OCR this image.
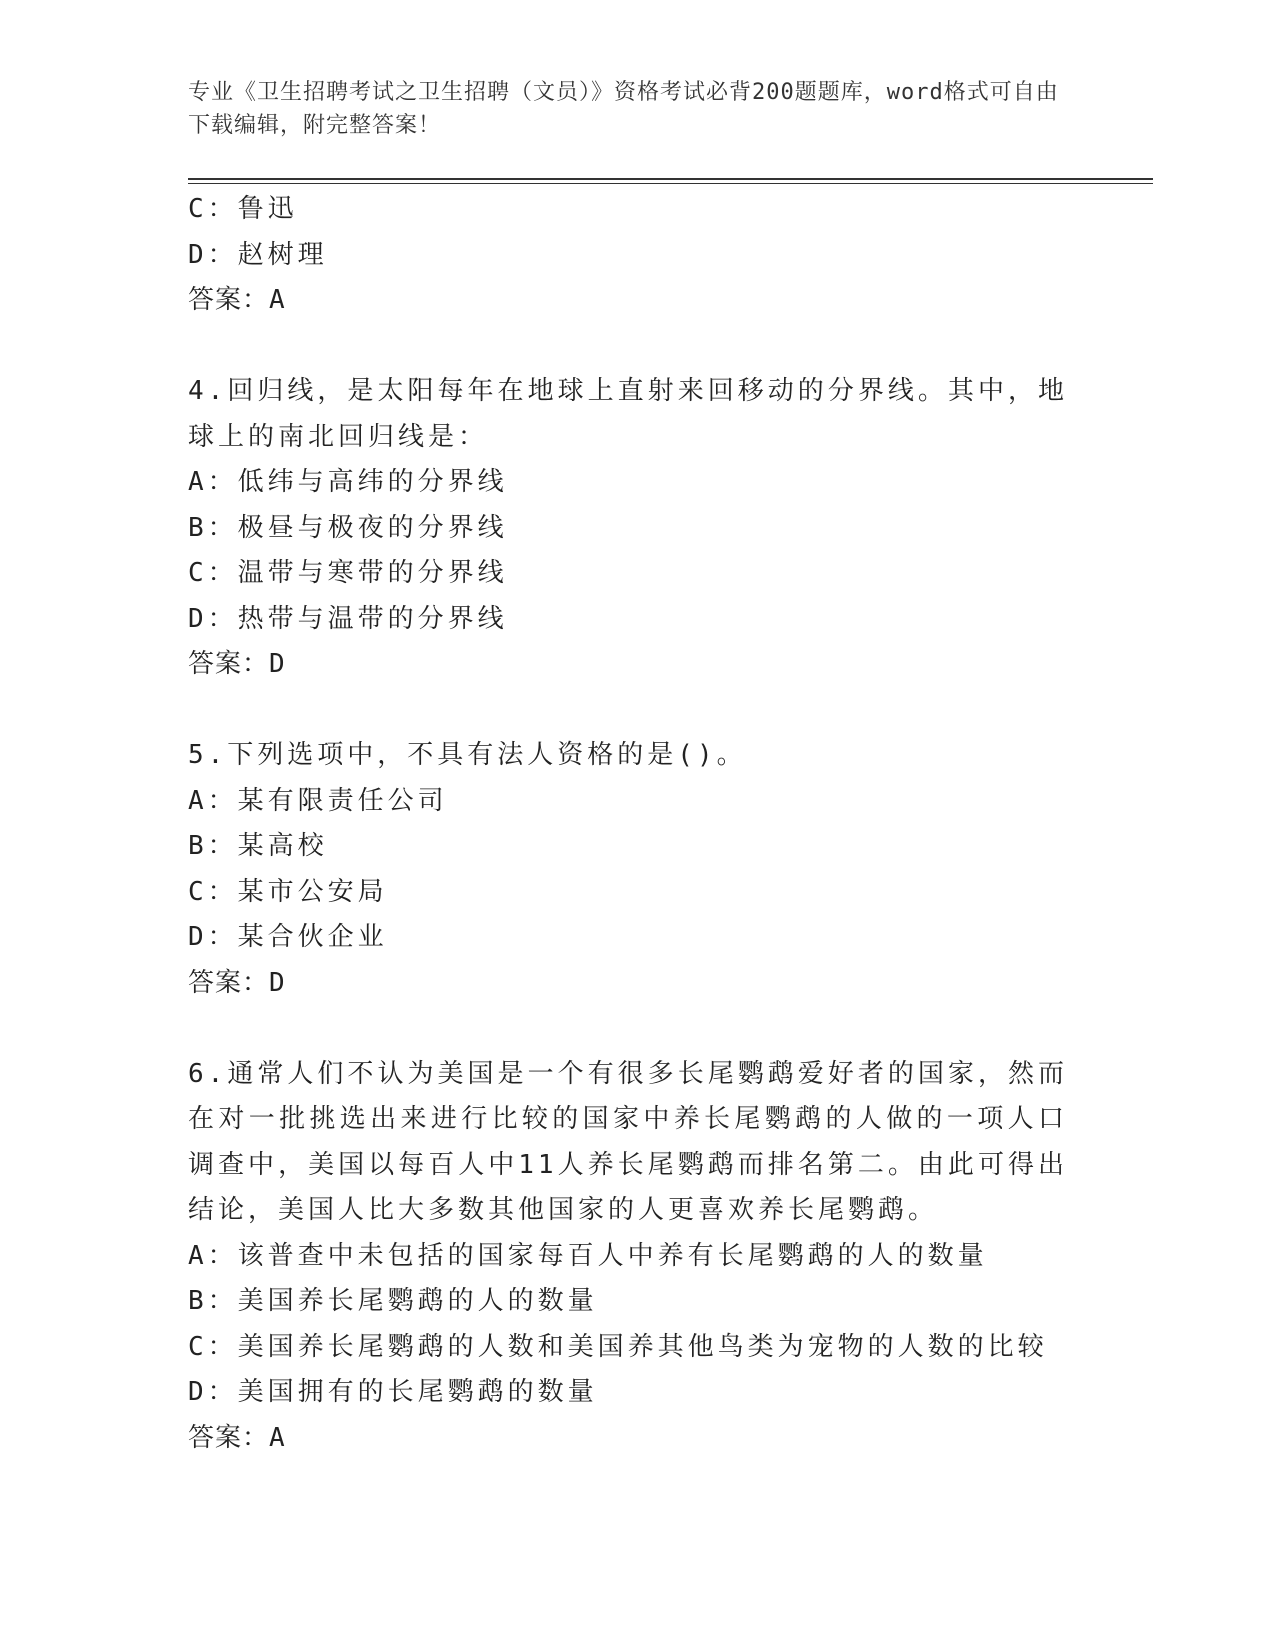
专业《卫生招聘考试之卫生招聘（文员）》资格考试必背200题题库，word格式可自由下载编辑，附完整答案！
C：鲁迅
D：赵树理
答案：A
4.回归线，是太阳每年在地球上直射来回移动的分界线。其中，地球上的南北回归线是：
A：低纬与高纬的分界线
B：极昼与极夜的分界线
C：温带与寒带的分界线
D：热带与温带的分界线
答案：D
5.下列选项中，不具有法人资格的是()。
A：某有限责任公司
B：某高校
C：某市公安局
D：某合伙企业
答案：D
6.通常人们不认为美国是一个有很多长尾鹦鹉爱好者的国家，然而在对一批挑选出来进行比较的国家中养长尾鹦鹉的人做的一项人口调查中，美国以每百人中11人养长尾鹦鹉而排名第二。由此可得出结论，美国人比大多数其他国家的人更喜欢养长尾鹦鹉。
A：该普查中未包括的国家每百人中养有长尾鹦鹉的人的数量
B：美国养长尾鹦鹉的人的数量
C：美国养长尾鹦鹉的人数和美国养其他鸟类为宠物的人数的比较
D：美国拥有的长尾鹦鹉的数量
答案：A
